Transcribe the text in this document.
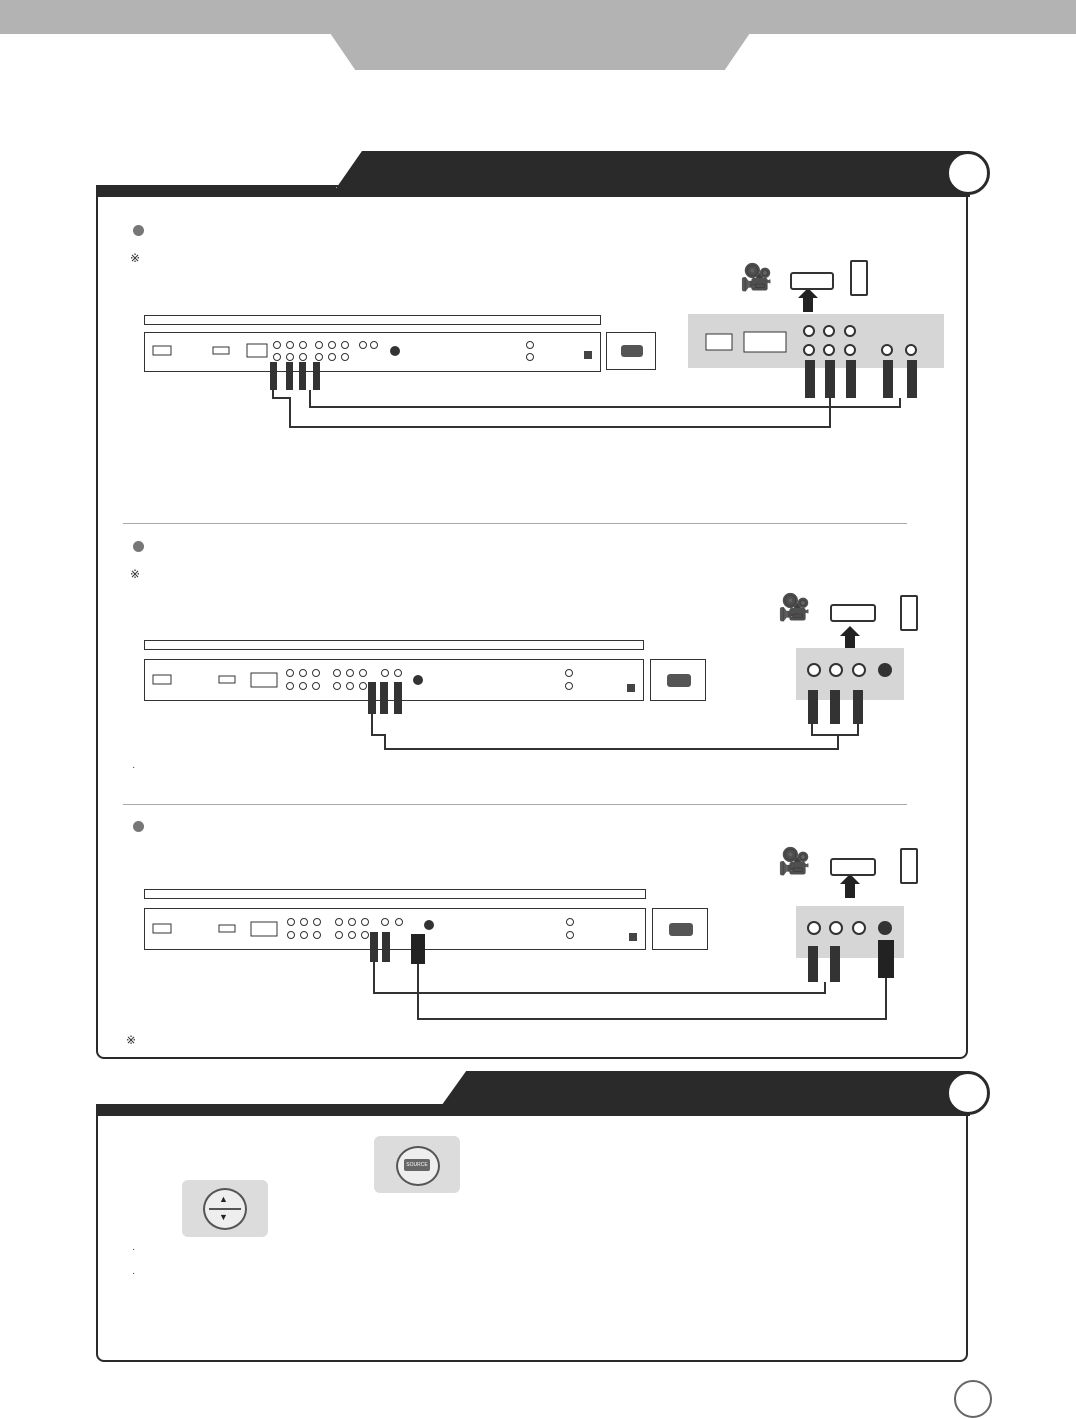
※
🎥
※
🎥
·
🎥
※
SOURCE
▲
▼
·
·
